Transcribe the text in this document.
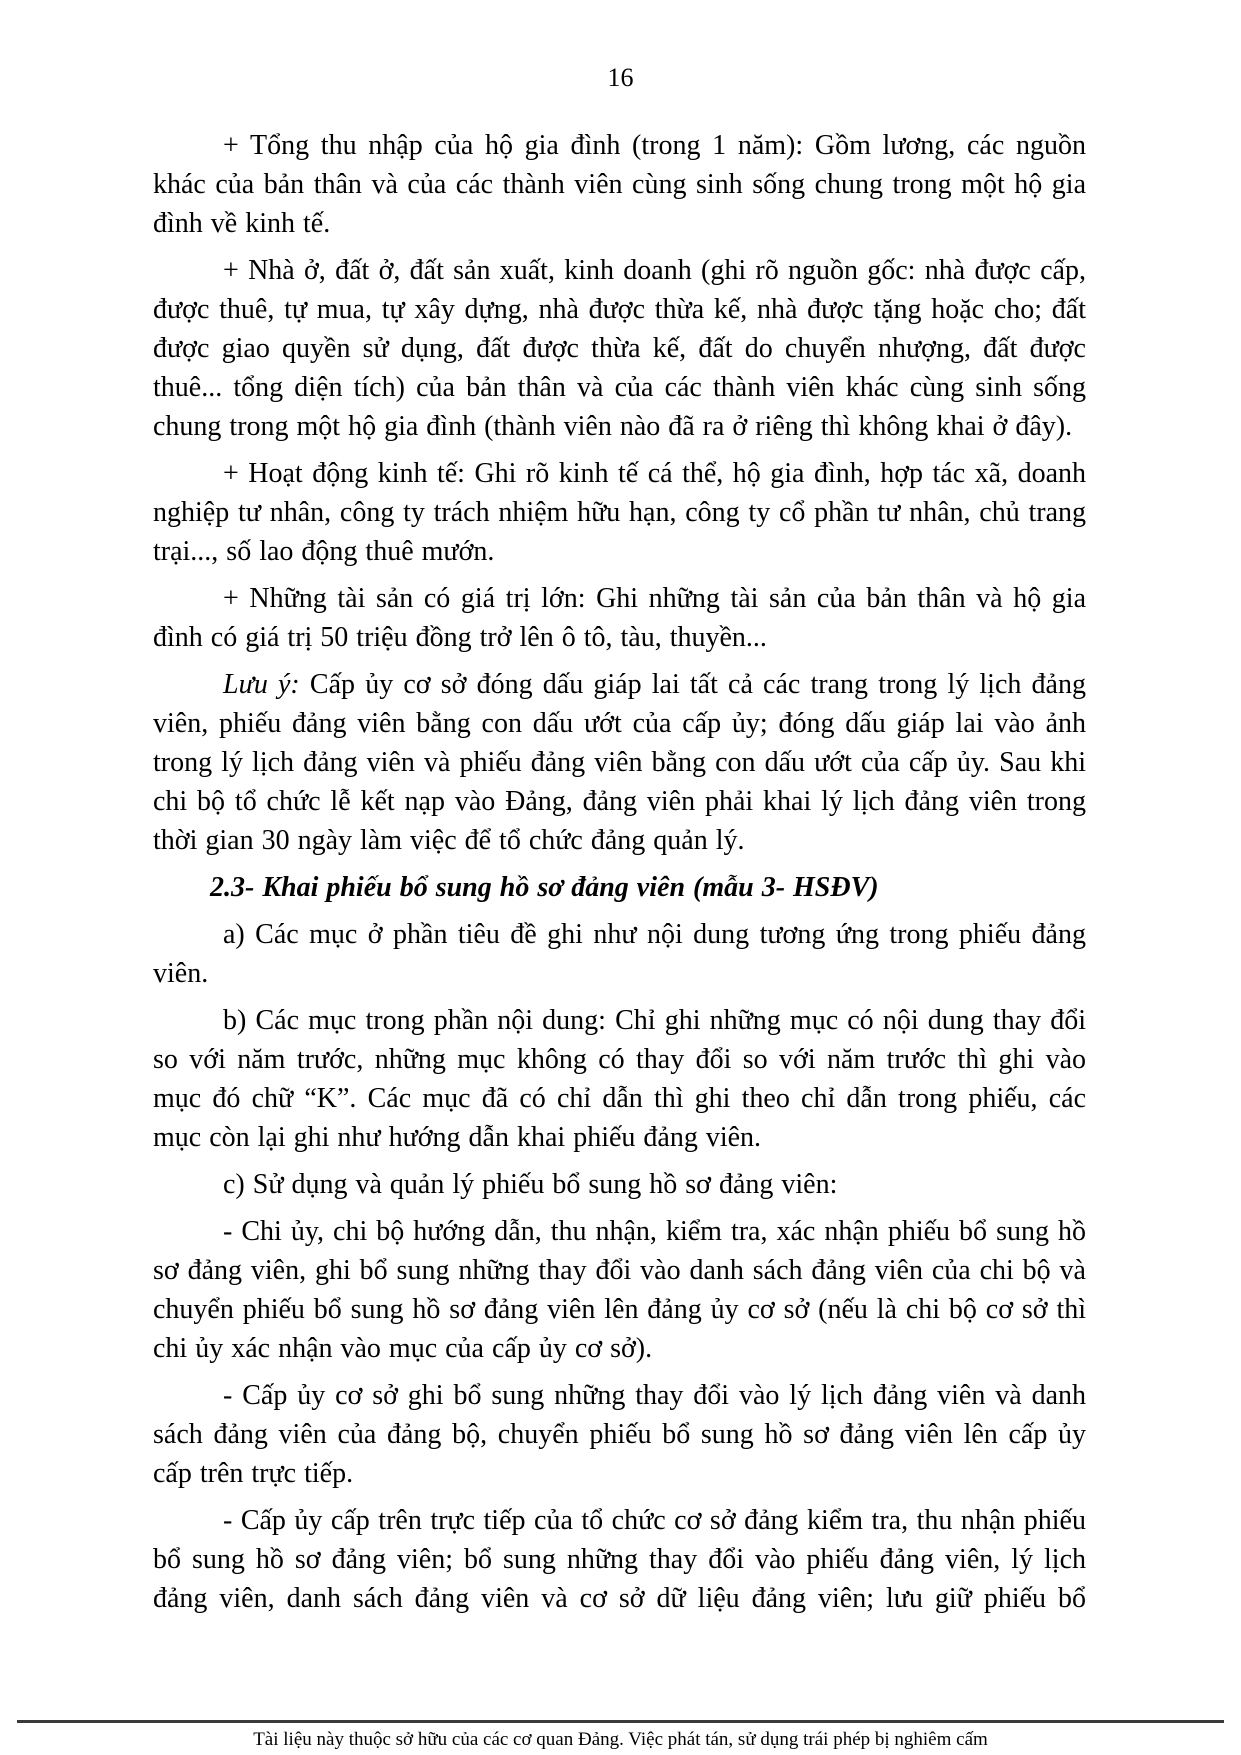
16

+ Tổng thu nhập của hộ gia đình (trong 1 năm): Gồm lương, các nguồn khác của bản thân và của các thành viên cùng sinh sống chung trong một hộ gia đình về kinh tế.

+ Nhà ở, đất ở, đất sản xuất, kinh doanh (ghi rõ nguồn gốc: nhà được cấp, được thuê, tự mua, tự xây dựng, nhà được thừa kế, nhà được tặng hoặc cho; đất được giao quyền sử dụng, đất được thừa kế, đất do chuyển nhượng, đất được thuê... tổng diện tích) của bản thân và của các thành viên khác cùng sinh sống chung trong một hộ gia đình (thành viên nào đã ra ở riêng thì không khai ở đây).

+ Hoạt động kinh tế: Ghi rõ kinh tế cá thể, hộ gia đình, hợp tác xã, doanh nghiệp tư nhân, công ty trách nhiệm hữu hạn, công ty cổ phần tư nhân, chủ trang trại..., số lao động thuê mướn.

+ Những tài sản có giá trị lớn: Ghi những tài sản của bản thân và hộ gia đình có giá trị 50 triệu đồng trở lên ô tô, tàu, thuyền...

Lưu ý: Cấp ủy cơ sở đóng dấu giáp lai tất cả các trang trong lý lịch đảng viên, phiếu đảng viên bằng con dấu ướt của cấp ủy; đóng dấu giáp lai vào ảnh trong lý lịch đảng viên và phiếu đảng viên bằng con dấu ướt của cấp ủy. Sau khi chi bộ tổ chức lễ kết nạp vào Đảng, đảng viên phải khai lý lịch đảng viên trong thời gian 30 ngày làm việc để tổ chức đảng quản lý.

2.3- Khai phiếu bổ sung hồ sơ đảng viên (mẫu 3- HSĐV)

a) Các mục ở phần tiêu đề ghi như nội dung tương ứng trong phiếu đảng viên.

b) Các mục trong phần nội dung: Chỉ ghi những mục có nội dung thay đổi so với năm trước, những mục không có thay đổi so với năm trước thì ghi vào mục đó chữ “K”. Các mục đã có chỉ dẫn thì ghi theo chỉ dẫn trong phiếu, các mục còn lại ghi như hướng dẫn khai phiếu đảng viên.

c) Sử dụng và quản lý phiếu bổ sung hồ sơ đảng viên:

- Chi ủy, chi bộ hướng dẫn, thu nhận, kiểm tra, xác nhận phiếu bổ sung hồ sơ đảng viên, ghi bổ sung những thay đổi vào danh sách đảng viên của chi bộ và chuyển phiếu bổ sung hồ sơ đảng viên lên đảng ủy cơ sở (nếu là chi bộ cơ sở thì chi ủy xác nhận vào mục của cấp ủy cơ sở).

- Cấp ủy cơ sở ghi bổ sung những thay đổi vào lý lịch đảng viên và danh sách đảng viên của đảng bộ, chuyển phiếu bổ sung hồ sơ đảng viên lên cấp ủy cấp trên trực tiếp.

- Cấp ủy cấp trên trực tiếp của tổ chức cơ sở đảng kiểm tra, thu nhận phiếu bổ sung hồ sơ đảng viên; bổ sung những thay đổi vào phiếu đảng viên, lý lịch đảng viên, danh sách đảng viên và cơ sở dữ liệu đảng viên; lưu giữ phiếu bổ

Tài liệu này thuộc sở hữu của các cơ quan Đảng. Việc phát tán, sử dụng trái phép bị nghiêm cấm
